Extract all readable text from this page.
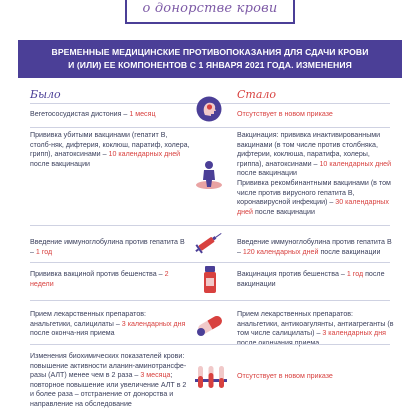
о донорстве крови
ВРЕМЕННЫЕ МЕДИЦИНСКИЕ ПРОТИВОПОКАЗАНИЯ ДЛЯ СДАЧИ КРОВИ
И (ИЛИ) ЕЕ КОМПОНЕНТОВ С 1 ЯНВАРЯ 2021 ГОДА. ИЗМЕНЕНИЯ
Было	Стало
Вегетососудистая дистония – 1 месяц	Отсутствует в новом приказе
Прививка убитыми вакцинами (гепатит В, столб-няк, дифтерия, коклюш, паратиф, холера, грипп), анатоксинами – 10 календарных дней после вакцинации
Вакцинация: прививка инактивированными вакцинами (в том числе против столбняка, дифтерии, коклюша, паратифа, холеры, гриппа), анатоксинами – 10 календарных дней после вакцинации
Прививка рекомбинантными вакцинами (в том числе против вирусного гепатита В, коронавирусной инфекции) – 30 календарных дней после вакцинации
Введение иммуноглобулина против гепатита В – 1 год
Введение иммуноглобулина против гепатита В – 120 календарных дней после вакцинации
Прививка вакциной против бешенства – 2 недели
Вакцинация против бешенства – 1 год после вакцинации
Прием лекарственных препаратов: анальгетики, салицилаты – 3 календарных дня после оконча-ния приема
Прием лекарственных препаратов: анальгетики, антикоагулянты, антиагреганты (в том числе салицилаты) – 3 календарных дня после окончания приема
Изменения биохимических показателей крови: повышение активности аланин-аминотрансфе-разы (АЛТ) менее чем в 2 раза – 3 месяца; повторное повышение или увеличение АЛТ в 2 и более раза – отстранение от донорства и направление на обследование
Отсутствует в новом приказе
